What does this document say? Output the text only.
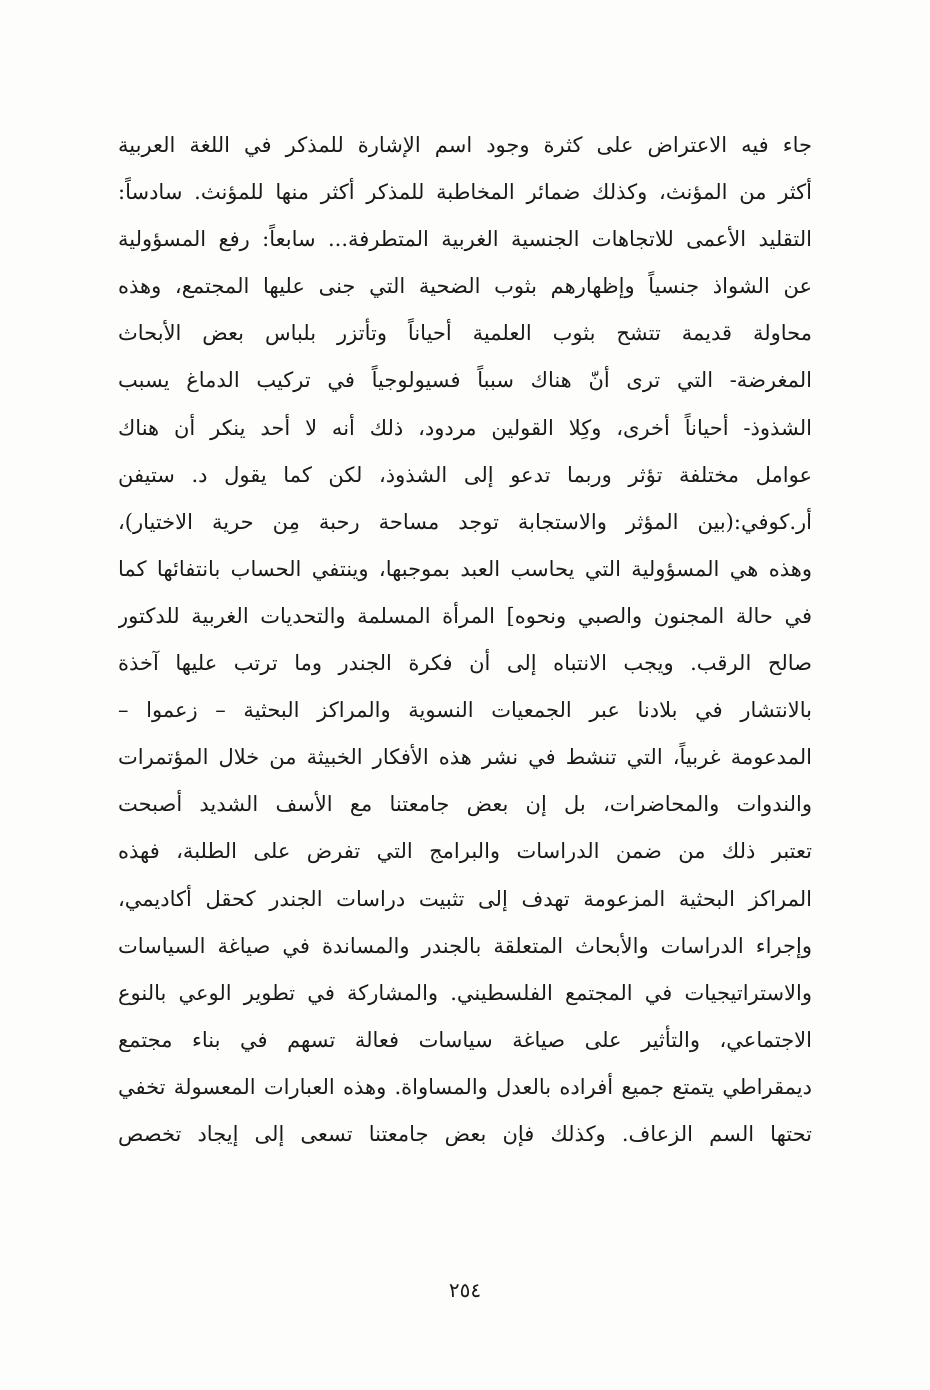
جاء فيه الاعتراض على كثرة وجود اسم الإشارة للمذكر في اللغة العربية
أكثر من المؤنث، وكذلك ضمائر المخاطبة للمذكر أكثر منها للمؤنث. سادساً:
التقليد الأعمى للاتجاهات الجنسية الغربية المتطرفة... سابعاً: رفع المسؤولية
عن الشواذ جنسياً وإظهارهم بثوب الضحية التي جنى عليها المجتمع، وهذه
محاولة قديمة تتشح بثوب العلمية أحياناً وتأتزر بلباس بعض الأبحاث
المغرضة- التي ترى أنّ هناك سبباً فسيولوجياً في تركيب الدماغ يسبب
الشذوذ- أحياناً أخرى، وكِلا القولين مردود، ذلك أنه لا أحد ينكر أن هناك
عوامل مختلفة تؤثر وربما تدعو إلى الشذوذ، لكن كما يقول د. ستيفن
أر.كوفي:(بين المؤثر والاستجابة توجد مساحة رحبة مِن حرية الاختيار)،
وهذه هي المسؤولية التي يحاسب العبد بموجبها، وينتفي الحساب بانتفائها كما
في حالة المجنون والصبي ونحوه] المرأة المسلمة والتحديات الغربية للدكتور
صالح الرقب. ويجب الانتباه إلى أن فكرة الجندر وما ترتب عليها آخذة
بالانتشار في بلادنا عبر الجمعيات النسوية والمراكز البحثية – زعموا –
المدعومة غربياً، التي تنشط في نشر هذه الأفكار الخبيثة من خلال المؤتمرات
والندوات والمحاضرات، بل إن بعض جامعتنا مع الأسف الشديد أصبحت
تعتبر ذلك من ضمن الدراسات والبرامج التي تفرض على الطلبة، فهذه
المراكز البحثية المزعومة تهدف إلى تثبيت دراسات الجندر كحقل أكاديمي،
وإجراء الدراسات والأبحاث المتعلقة بالجندر والمساندة في صياغة السياسات
والاستراتيجيات في المجتمع الفلسطيني. والمشاركة في تطوير الوعي بالنوع
الاجتماعي، والتأثير على صياغة سياسات فعالة تسهم في بناء مجتمع
ديمقراطي يتمتع جميع أفراده بالعدل والمساواة. وهذه العبارات المعسولة تخفي
تحتها السم الزعاف. وكذلك فإن بعض جامعتنا تسعى إلى إيجاد تخصص
٢٥٤
